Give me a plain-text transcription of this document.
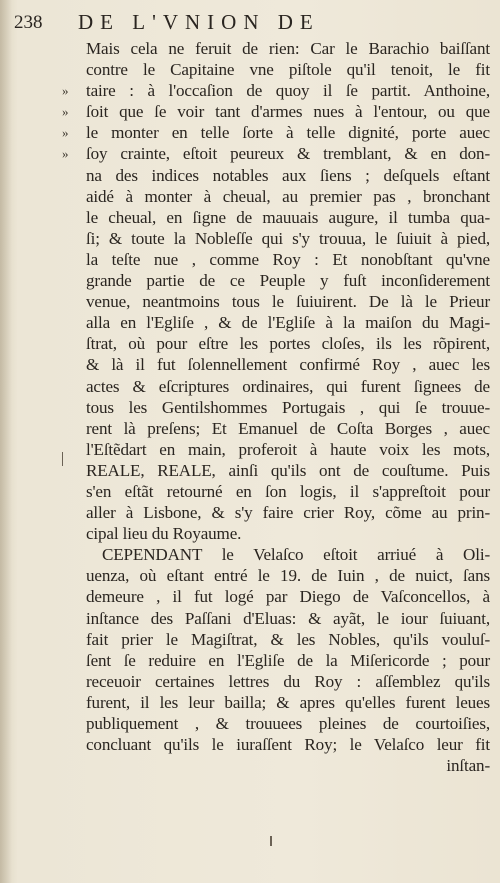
238 DE L'VNION DE
Mais cela ne feruit de rien: Car le Barachio baiſſant
contre le Capitaine vne piſtole qu'il tenoit, le fit
» taire : à l'occaſion de quoy il ſe partit. Anthoine,
» ſoit que ſe voir tant d'armes nues à l'entour, ou que
» le monter en telle ſorte à telle dignité, porte auec
» ſoy crainte, eſtoit peureux & tremblant, & en don-
na des indices notables aux ſiens ; deſquels eſtant
aidé à monter à cheual, au premier pas , bronchant
le cheual, en ſigne de mauuais augure, il tumba qua-
ſi; & toute la Nobleſſe qui s'y trouua, le ſuiuit à pied,
la teſte nue , comme Roy : Et nonobſtant qu'vne
grande partie de ce Peuple y fuſt inconſiderement
venue, neantmoins tous le ſuiuirent. De là le Prieur
alla en l'Egliſe , & de l'Egliſe à la maiſon du Magi-
ſtrat, où pour eſtre les portes cloſes, ils les rõpirent,
& là il fut ſolennellement confirmé Roy , auec les
actes & eſcriptures ordinaires, qui furent ſignees de
tous les Gentilshommes Portugais , qui ſe trouue-
rent là preſens; Et Emanuel de Coſta Borges , auec
l'Eſtẽdart en main, proferoit à haute voix les mots,
REALE, REALE, ainſi qu'ils ont de couſtume. Puis
s'en eſtãt retourné en ſon logis, il s'appreſtoit pour
aller à Lisbone, & s'y faire crier Roy, cõme au prin-
cipal lieu du Royaume.
CEPENDANT le Velaſco eſtoit arriué à Oli-
uenza, où eſtant entré le 19. de Iuin , de nuict, ſans
demeure , il fut logé par Diego de Vaſconcellos, à
inſtance des Paſſani d'Eluas: & ayãt, le iour ſuiuant,
fait prier le Magiſtrat, & les Nobles, qu'ils vouluſ-
ſent ſe reduire en l'Egliſe de la Miſericorde ; pour
receuoir certaines lettres du Roy : aſſemblez qu'ils
furent, il les leur bailla; & apres qu'elles furent leues
publiquement , & trouuees pleines de courtoiſies,
concluant qu'ils le iuraſſent Roy; le Velaſco leur fit
inſtan-
